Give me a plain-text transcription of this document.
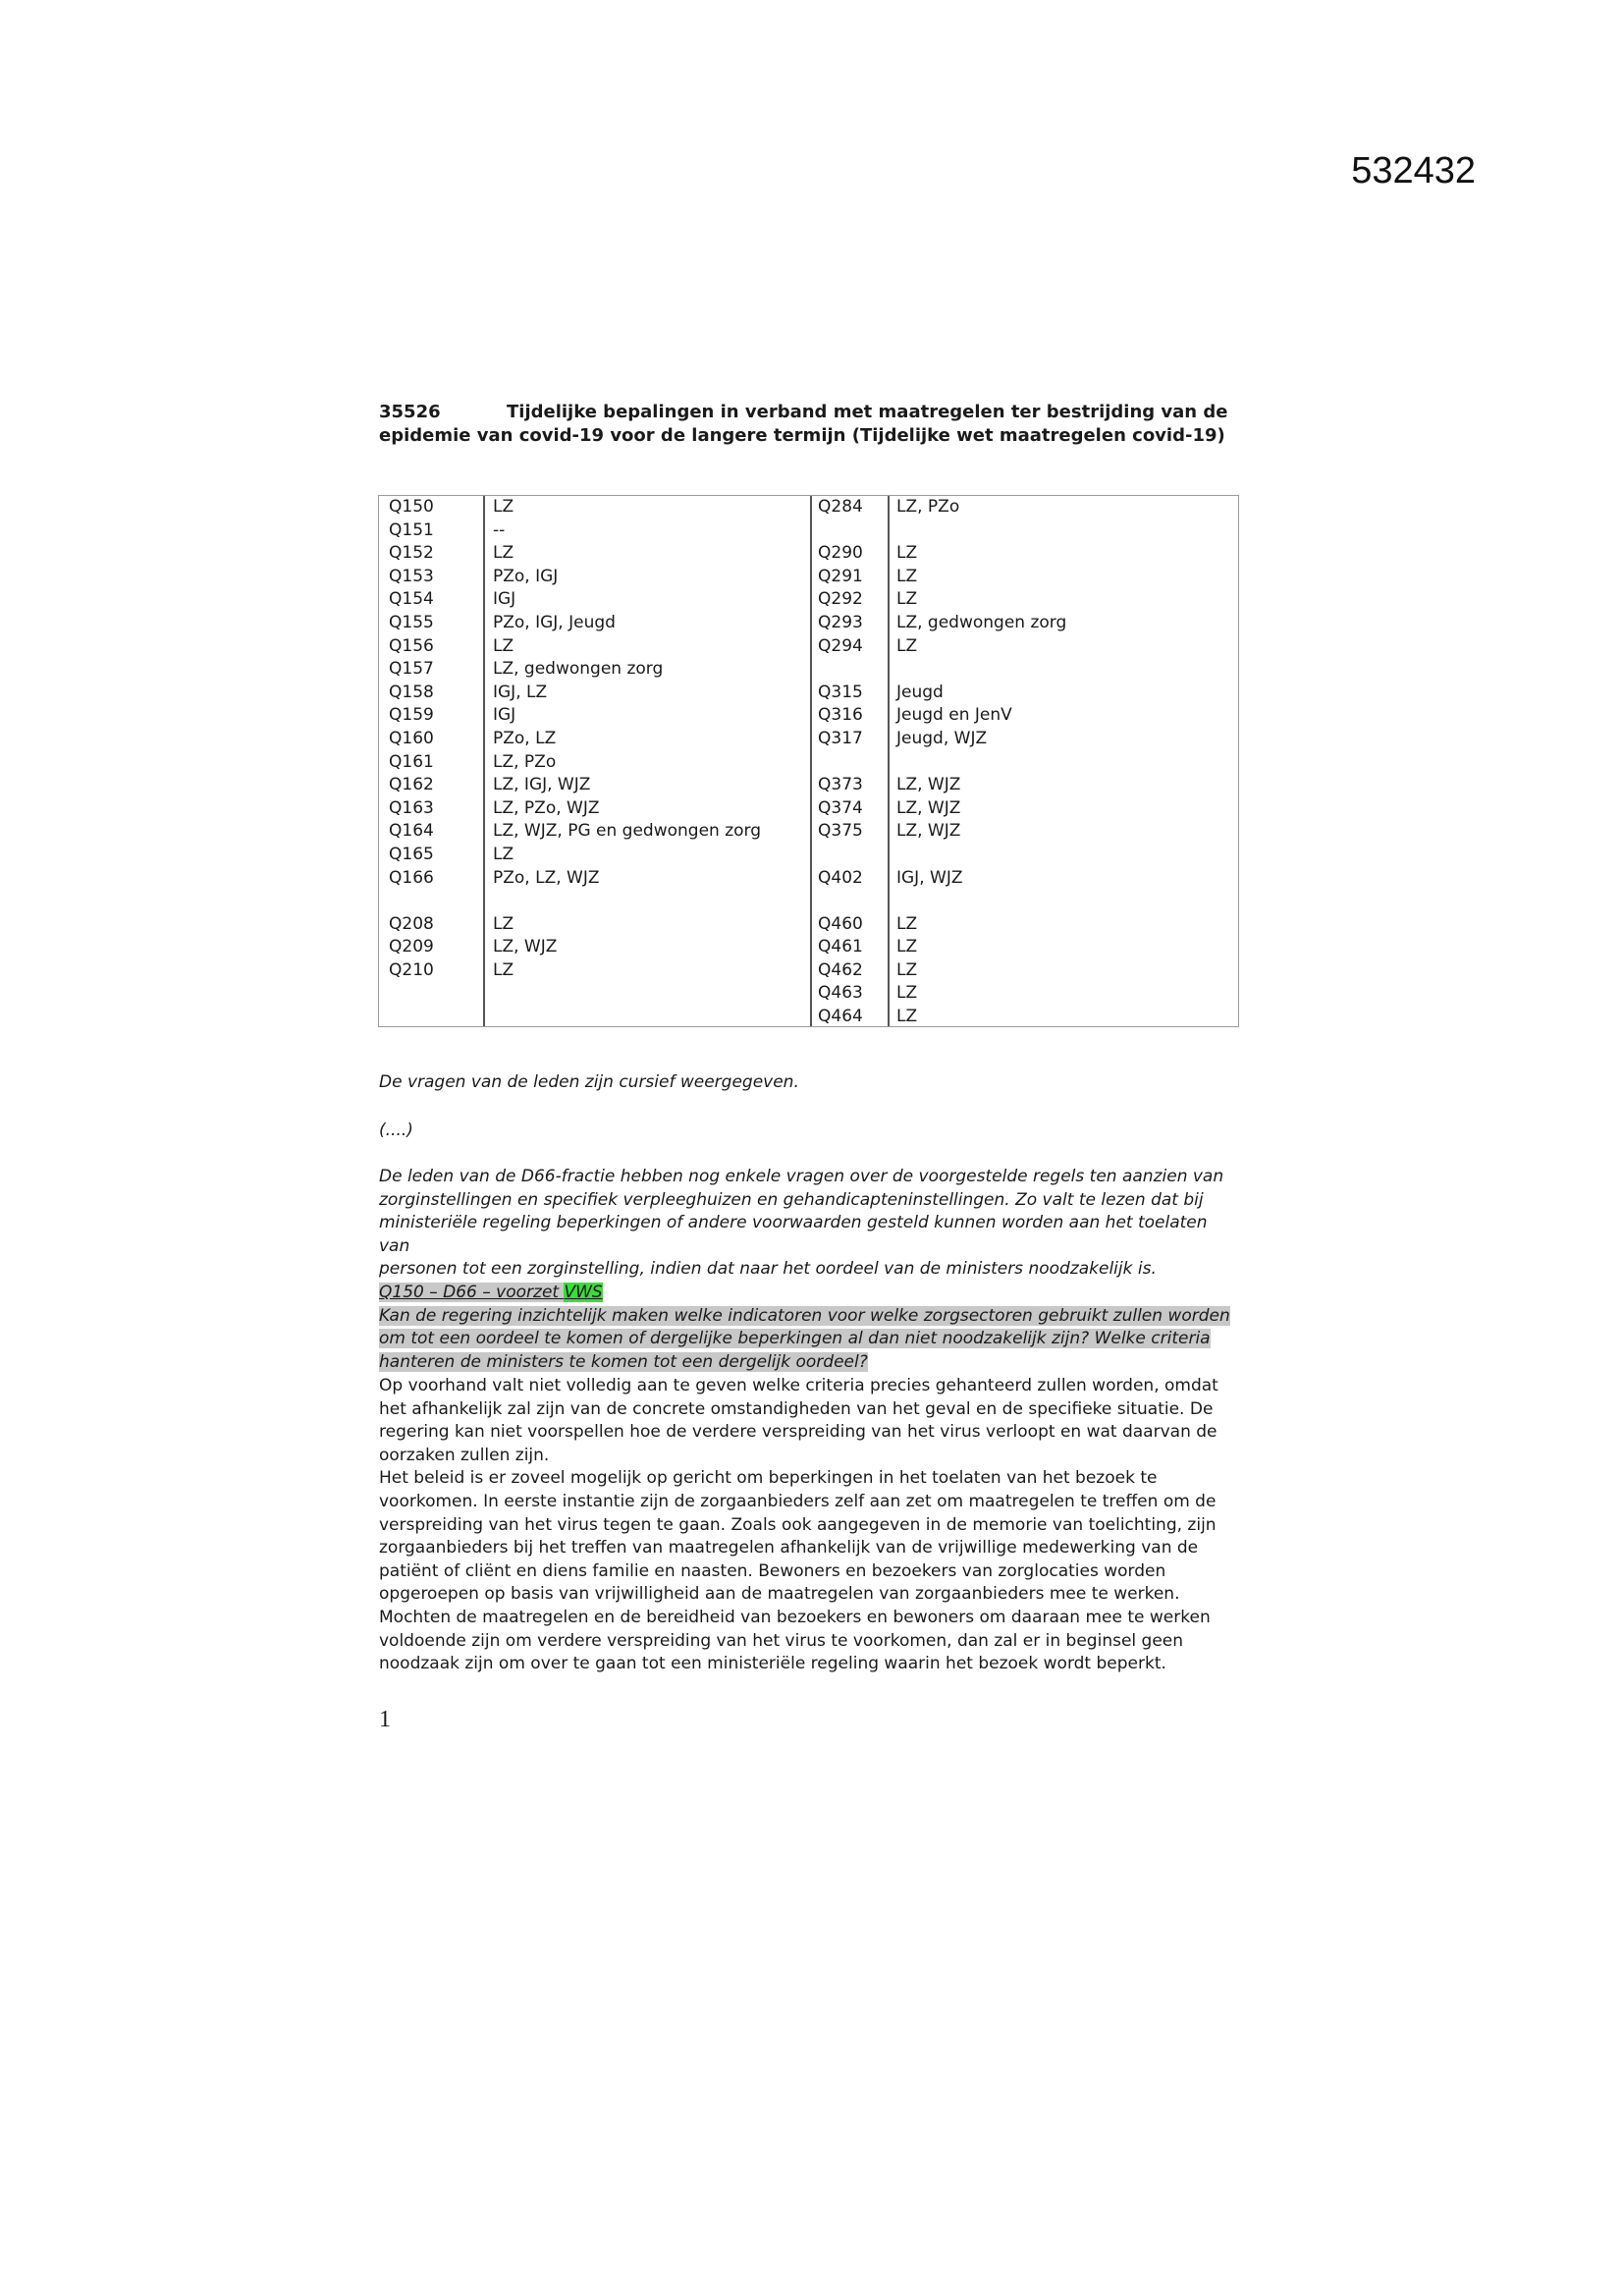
532432
35526	Tijdelijke bepalingen in verband met maatregelen ter bestrijding van de
epidemie van covid-19 voor de langere termijn (Tijdelijke wet maatregelen covid-19)
Q150
Q151
Q152
Q153
Q154
Q155
Q156
Q157
Q158
Q159
Q160
Q161
Q162
Q163
Q164
Q165
Q166
Q208
Q209
Q210
LZ
--
LZ
PZo, IGJ
IGJ
PZo, IGJ, Jeugd
LZ
LZ, gedwongen zorg
IGJ, LZ
IGJ
PZo, LZ
LZ, PZo
LZ, IGJ, WJZ
LZ, PZo, WJZ
LZ, WJZ, PG en gedwongen zorg
LZ
PZo, LZ, WJZ
LZ
LZ, WJZ
LZ
Q284
Q290
Q291
Q292
Q293
Q294
Q315
Q316
Q317
Q373
Q374
Q375
Q402
Q460
Q461
Q462
Q463
Q464
LZ, PZo
LZ
LZ
LZ
LZ, gedwongen zorg
LZ
Jeugd
Jeugd en JenV
Jeugd, WJZ
LZ, WJZ
LZ, WJZ
LZ, WJZ
IGJ, WJZ
LZ
LZ
LZ
LZ
LZ
De vragen van de leden zijn cursief weergegeven.
(....)
De leden van de D66-fractie hebben nog enkele vragen over de voorgestelde regels ten aanzien van
zorginstellingen en specifiek verpleeghuizen en gehandicapteninstellingen. Zo valt te lezen dat bij
ministeriële regeling beperkingen of andere voorwaarden gesteld kunnen worden aan het toelaten van
personen tot een zorginstelling, indien dat naar het oordeel van de ministers noodzakelijk is.
Q150 – D66 – voorzet VWS
Kan de regering inzichtelijk maken welke indicatoren voor welke zorgsectoren gebruikt zullen worden
om tot een oordeel te komen of dergelijke beperkingen al dan niet noodzakelijk zijn? Welke criteria
hanteren de ministers te komen tot een dergelijk oordeel?

Op voorhand valt niet volledig aan te geven welke criteria precies gehanteerd zullen worden, omdat

het afhankelijk zal zijn van de concrete omstandigheden van het geval en de specifieke situatie. De

regering kan niet voorspellen hoe de verdere verspreiding van het virus verloopt en wat daarvan de

oorzaken zullen zijn.

Het beleid is er zoveel mogelijk op gericht om beperkingen in het toelaten van het bezoek te

voorkomen. In eerste instantie zijn de zorgaanbieders zelf aan zet om maatregelen te treffen om de

verspreiding van het virus tegen te gaan. Zoals ook aangegeven in de memorie van toelichting, zijn

zorgaanbieders bij het treffen van maatregelen afhankelijk van de vrijwillige medewerking van de

patiënt of cliënt en diens familie en naasten. Bewoners en bezoekers van zorglocaties worden

opgeroepen op basis van vrijwilligheid aan de maatregelen van zorgaanbieders mee te werken.

Mochten de maatregelen en de bereidheid van bezoekers en bewoners om daaraan mee te werken

voldoende zijn om verdere verspreiding van het virus te voorkomen, dan zal er in beginsel geen

noodzaak zijn om over te gaan tot een ministeriële regeling waarin het bezoek wordt beperkt.

1
